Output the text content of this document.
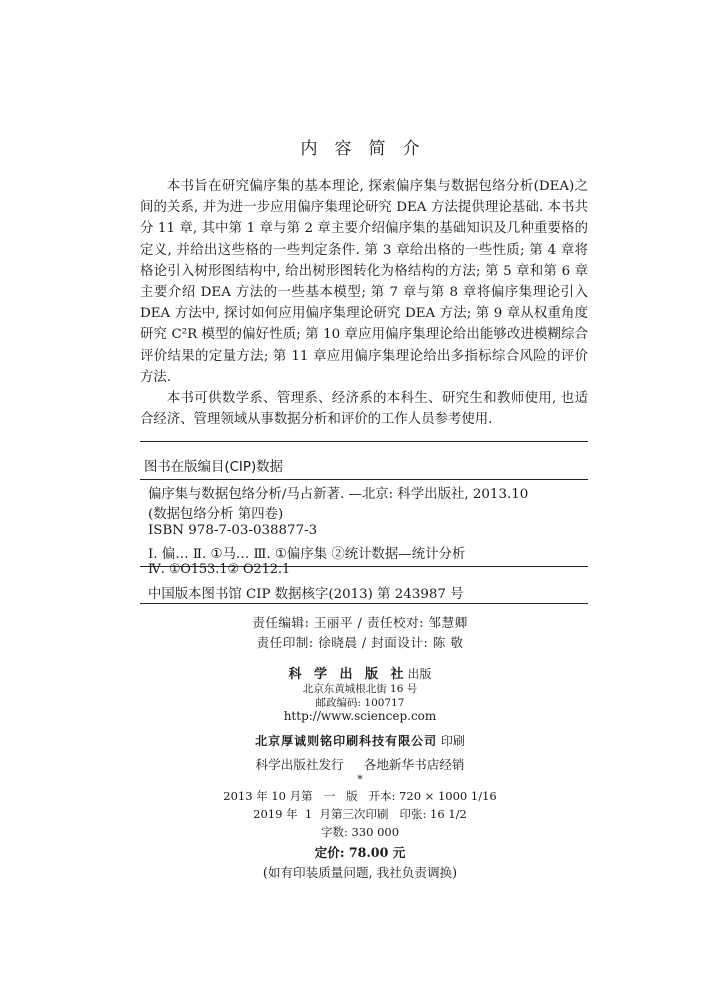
内容简介

本书旨在研究偏序集的基本理论, 探索偏序集与数据包络分析(DEA)之间的关系, 并为进一步应用偏序集理论研究 DEA 方法提供理论基础. 本书共分 11 章, 其中第 1 章与第 2 章主要介绍偏序集的基础知识及几种重要格的定义, 并给出这些格的一些判定条件. 第 3 章给出格的一些性质; 第 4 章将格论引入树形图结构中, 给出树形图转化为格结构的方法; 第 5 章和第 6 章主要介绍 DEA 方法的一些基本模型; 第 7 章与第 8 章将偏序集理论引入 DEA 方法中, 探讨如何应用偏序集理论研究 DEA 方法; 第 9 章从权重角度研究 C²R 模型的偏好性质; 第 10 章应用偏序集理论给出能够改进模糊综合评价结果的定量方法; 第 11 章应用偏序集理论给出多指标综合风险的评价方法.

本书可供数学系、管理系、经济系的本科生、研究生和教师使用, 也适合经济、管理领域从事数据分析和评价的工作人员参考使用.

图书在版编目(CIP)数据
偏序集与数据包络分析/马占新著. —北京: 科学出版社, 2013.10
(数据包络分析 第四卷)
ISBN 978-7-03-038877-3
Ⅰ. 偏… Ⅱ. ①马… Ⅲ. ①偏序集 ②统计数据—统计分析
Ⅳ. ①O153.1② O212.1
中国版本图书馆 CIP 数据核字(2013) 第 243987 号
责任编辑: 王丽平 / 责任校对: 邹慧卿
责任印制: 徐晓晨 / 封面设计: 陈 敬
科 学 出 版 社出版
北京东黄城根北街 16 号
邮政编码: 100717
http://www.sciencep.com
北京厚诚则铭印刷科技有限公司 印刷
科学出版社发行 各地新华书店经销
*
2013 年 10 月第   一   版   开本: 720 × 1000 1/16
2019 年  1  月第三次印刷   印张: 16 1/2
字数: 330 000
定价: 78.00 元
(如有印装质量问题, 我社负责调换)
